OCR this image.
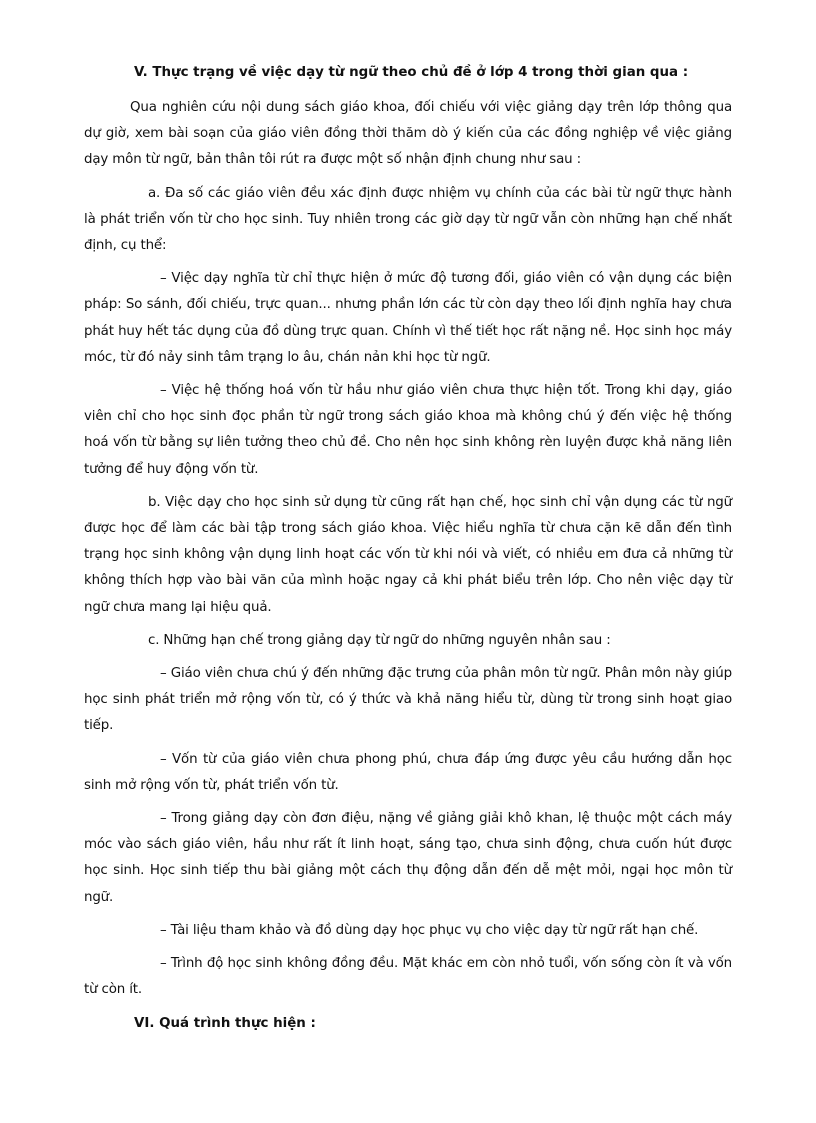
V. Thực trạng về việc dạy từ ngữ theo chủ đề ở lớp 4 trong thời gian qua :

Qua nghiên cứu nội dung sách giáo khoa, đối chiếu với việc giảng dạy trên lớp thông qua dự giờ, xem bài soạn của giáo viên đồng thời thăm dò ý kiến của các đồng nghiệp về việc giảng dạy môn từ ngữ, bản thân tôi rút ra được một số nhận định chung như sau :

a. Đa số các giáo viên đều xác định được nhiệm vụ chính của các bài từ ngữ thực hành là phát triển vốn từ cho học sinh. Tuy nhiên trong các giờ dạy từ ngữ vẫn còn những hạn chế nhất định, cụ thể:

– Việc dạy nghĩa từ chỉ thực hiện ở mức độ tương đối, giáo viên có vận dụng các biện pháp: So sánh, đối chiếu, trực quan... nhưng phần lớn các từ còn dạy theo lối định nghĩa hay chưa phát huy hết tác dụng của đồ dùng trực quan. Chính vì thế tiết học rất nặng nề. Học sinh học máy móc, từ đó nảy sinh tâm trạng lo âu, chán nản khi học từ ngữ.

– Việc hệ thống hoá vốn từ hầu như giáo viên chưa thực hiện tốt. Trong khi dạy, giáo viên chỉ cho học sinh đọc phần từ ngữ trong sách giáo khoa mà không chú ý đến việc hệ thống hoá vốn từ bằng sự liên tưởng theo chủ đề. Cho nên học sinh không rèn luyện được khả năng liên tưởng để huy động vốn từ.

b. Việc dạy cho học sinh sử dụng từ cũng rất hạn chế, học sinh chỉ vận dụng các từ ngữ được học để làm các bài tập trong sách giáo khoa. Việc hiểu nghĩa từ chưa cặn kẽ dẫn đến tình trạng học sinh không vận dụng linh hoạt các vốn từ khi nói và viết, có nhiều em đưa cả những từ không thích hợp vào bài văn của mình hoặc ngay cả khi phát biểu trên lớp. Cho nên việc dạy từ ngữ chưa mang lại hiệu quả.

c. Những hạn chế trong giảng dạy từ ngữ do những nguyên nhân sau :

– Giáo viên chưa chú ý đến những đặc trưng của phân môn từ ngữ. Phân môn này giúp học sinh phát triển mở rộng vốn từ, có ý thức và khả năng hiểu từ, dùng từ trong sinh hoạt giao tiếp.

– Vốn từ của giáo viên chưa phong phú, chưa đáp ứng được yêu cầu hướng dẫn học sinh mở rộng vốn từ, phát triển vốn từ.

– Trong giảng dạy còn đơn điệu, nặng về giảng giải khô khan, lệ thuộc một cách máy móc vào sách giáo viên, hầu như rất ít linh hoạt, sáng tạo, chưa sinh động, chưa cuốn hút được học sinh. Học sinh tiếp thu bài giảng một cách thụ động dẫn đến dễ mệt mỏi, ngại học môn từ ngữ.

– Tài liệu tham khảo và đồ dùng dạy học phục vụ cho việc dạy từ ngữ rất hạn chế.

– Trình độ học sinh không đồng đều. Mặt khác em còn nhỏ tuổi, vốn sống còn ít và vốn từ còn ít.

VI. Quá trình thực hiện :
